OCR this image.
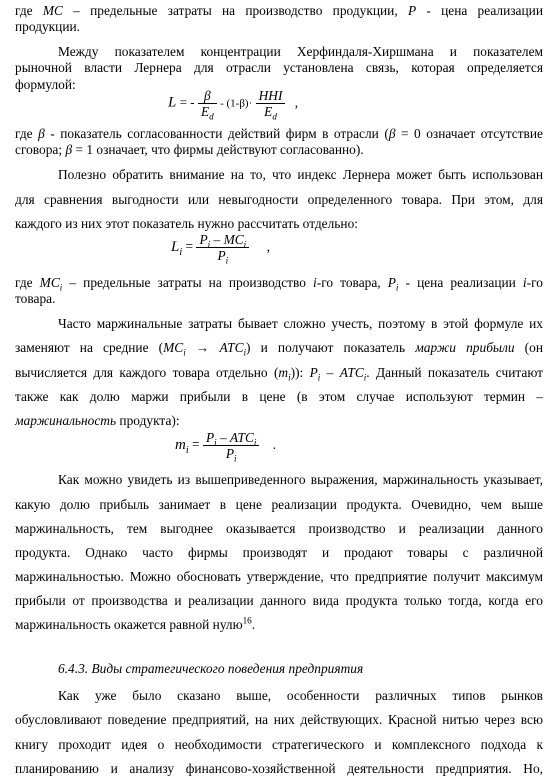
где MC – предельные затраты на производство продукции, P - цена реализации
продукции.
Между показателем концентрации Херфиндаля-Хиршмана и показателем
рыночной власти Лернера для отрасли установлена связь, которая определяется
формулой:
L = - $\frac{\beta}{E_d} - (1-\beta)\cdot \frac{\text{HHI}}{E_d}$ ,
где β - показатель согласованности действий фирм в отрасли (β = 0 означает отсутствие
сговора; β = 1 означает, что фирмы действуют согласованно).
Полезно обратить внимание на то, что индекс Лернера может быть использован
для сравнения выгодности или невыгодности определенного товара. При этом, для
каждого из них этот показатель нужно рассчитать отдельно:
$L_i = \frac{P_i - MC_i}{P_i}$ ,
где $MC_i$ – предельные затраты на производство i-го товара, $P_i$ - цена реализации i-го
товара.
Часто маржинальные затраты бывает сложно учесть, поэтому в этой формуле их
заменяют на средние $(MC_i \to ATC_i)$ и получают показатель маржи прибыли (он
вычисляется для каждого товара отдельно $(m_i)$): $P_i - ATC_i$. Данный показатель считают
также как долю маржи прибыли в цене (в этом случае используют термин –
маржинальность продукта):
$m_i = \frac{P_i - ATC_i}{P_i}$ .
Как можно увидеть из вышеприведенного выражения, маржинальность указывает,
какую долю прибыль занимает в цене реализации продукта. Очевидно, чем выше
маржинальность, тем выгоднее оказывается производство и реализации данного
продукта. Однако часто фирмы производят и продают товары с различной
маржинальностью. Можно обосновать утверждение, что предприятие получит максимум
прибыли от производства и реализации данного вида продукта только тогда, когда его
маржинальность окажется равной нулю$^{16}$.
6.4.3. Виды стратегического поведения предприятия
Как уже было сказано выше, особенности различных типов рынков
обусловливают поведение предприятий, на них действующих. Красной нитью через всю
книгу проходит идея о необходимости стратегического и комплексного подхода к
планированию и анализу финансово-хозяйственной деятельности предприятия. Но,
